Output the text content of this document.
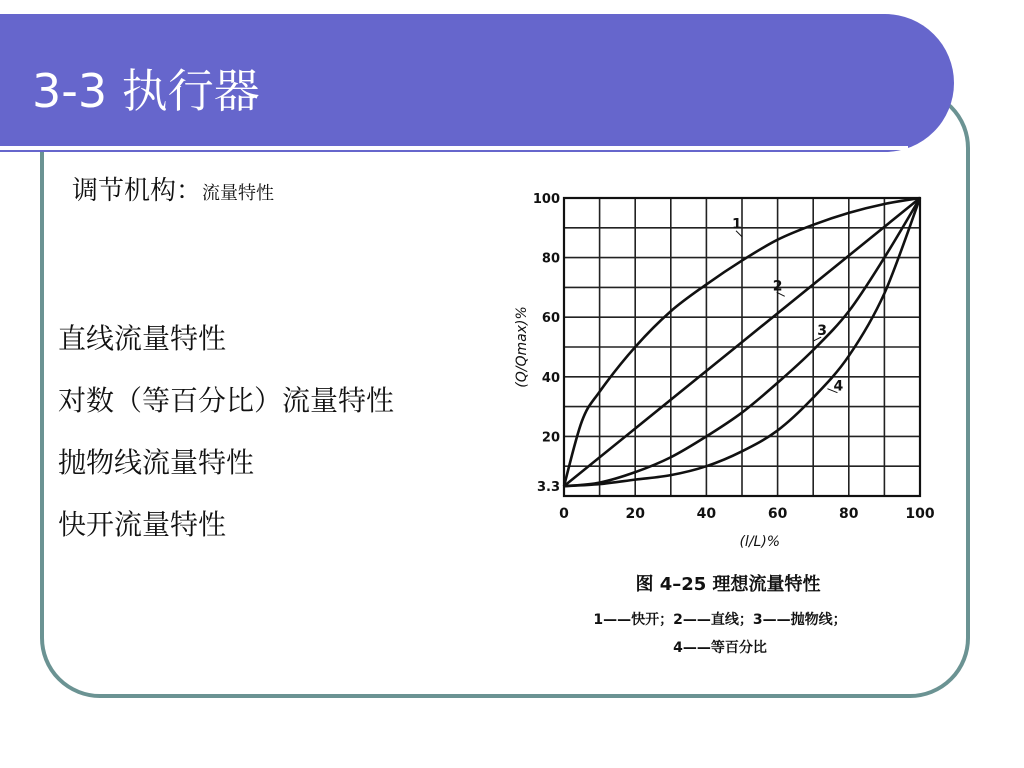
3-3 执行器
调节机构：流量特性
直线流量特性
对数（等百分比）流量特性
抛物线流量特性
快开流量特性	0	20	40	60	80	100
3.3
20
40
60
80
100
(l/L)%
(Q/Qmax)%
1
2
3
4
图 4–25 理想流量特性
1——快开；2——直线；3——抛物线；
4——等百分比
